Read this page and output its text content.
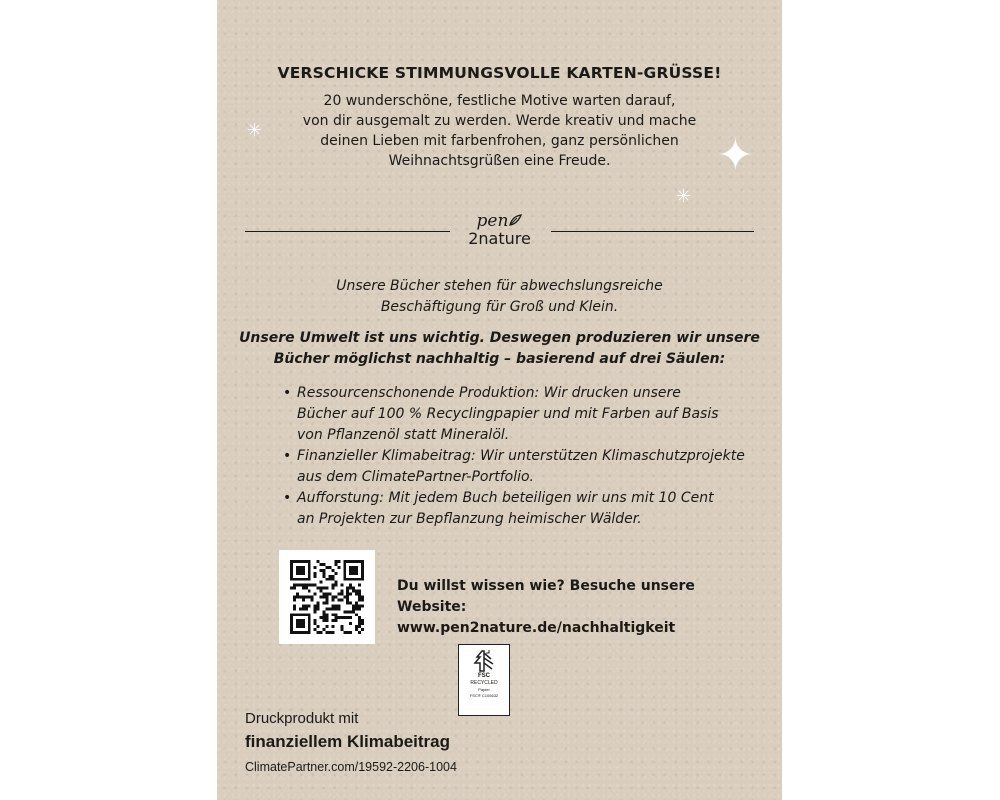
✳	✦
✳
VERSCHICKE STIMMUNGSVOLLE KARTEN-GRÜSSE!
20 wunderschöne, festliche Motive warten darauf,
von dir ausgemalt zu werden. Werde kreativ und mache
deinen Lieben mit farbenfrohen, ganz persönlichen
Weihnachtsgrüßen eine Freude.
pen
2nature
Unsere Bücher stehen für abwechslungsreiche
Beschäftigung für Groß und Klein.
Unsere Umwelt ist uns wichtig. Deswegen produzieren wir unsere
Bücher möglichst nachhaltig – basierend auf drei Säulen:
• Ressourcenschonende Produktion: Wir drucken unsere
Bücher auf 100 % Recyclingpapier und mit Farben auf Basis
von Pflanzenöl statt Mineralöl.
• Finanzieller Klimabeitrag: Wir unterstützen Klimaschutzprojekte
aus dem ClimatePartner-Portfolio.
• Aufforstung: Mit jedem Buch beteiligen wir uns mit 10 Cent
an Projekten zur Bepflanzung heimischer Wälder.
Du willst wissen wie? Besuche unsere Website:
www.pen2nature.de/nachhaltigkeit
FSC
RECYCLED
Papier
FSC® C105632
Druckprodukt mit
finanziellem Klimabeitrag
ClimatePartner.com/19592-2206-1004
